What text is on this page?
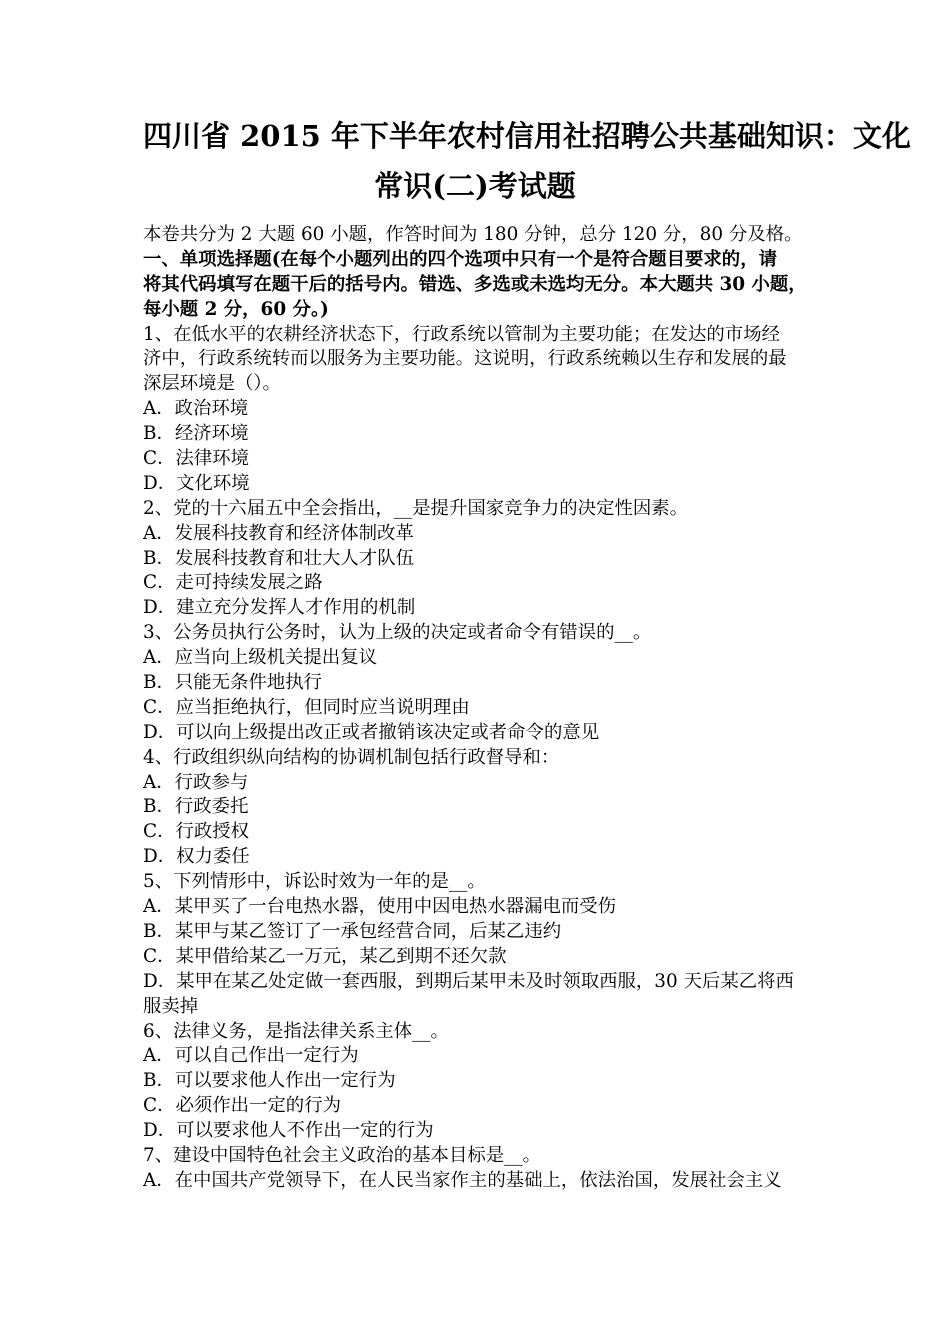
四川省 2015 年下半年农村信用社招聘公共基础知识：文化
常识(二)考试题
本卷共分为 2 大题 60 小题，作答时间为 180 分钟，总分 120 分，80 分及格。
一、单项选择题(在每个小题列出的四个选项中只有一个是符合题目要求的，请
将其代码填写在题干后的括号内。错选、多选或未选均无分。本大题共 30 小题，
每小题 2 分，60 分。)
1、在低水平的农耕经济状态下，行政系统以管制为主要功能；在发达的市场经
济中，行政系统转而以服务为主要功能。这说明，行政系统赖以生存和发展的最
深层环境是（）。
A．政治环境
B．经济环境
C．法律环境
D．文化环境
2、党的十六届五中全会指出，__是提升国家竞争力的决定性因素。
A．发展科技教育和经济体制改革
B．发展科技教育和壮大人才队伍
C．走可持续发展之路
D．建立充分发挥人才作用的机制
3、公务员执行公务时，认为上级的决定或者命令有错误的__。
A．应当向上级机关提出复议
B．只能无条件地执行
C．应当拒绝执行，但同时应当说明理由
D．可以向上级提出改正或者撤销该决定或者命令的意见
4、行政组织纵向结构的协调机制包括行政督导和：
A．行政参与
B．行政委托
C．行政授权
D．权力委任
5、下列情形中，诉讼时效为一年的是__。
A．某甲买了一台电热水器，使用中因电热水器漏电而受伤
B．某甲与某乙签订了一承包经营合同，后某乙违约
C．某甲借给某乙一万元，某乙到期不还欠款
D．某甲在某乙处定做一套西服，到期后某甲未及时领取西服，30 天后某乙将西
服卖掉
6、法律义务，是指法律关系主体__。
A．可以自己作出一定行为
B．可以要求他人作出一定行为
C．必须作出一定的行为
D．可以要求他人不作出一定的行为
7、建设中国特色社会主义政治的基本目标是__。
A．在中国共产党领导下，在人民当家作主的基础上，依法治国，发展社会主义
